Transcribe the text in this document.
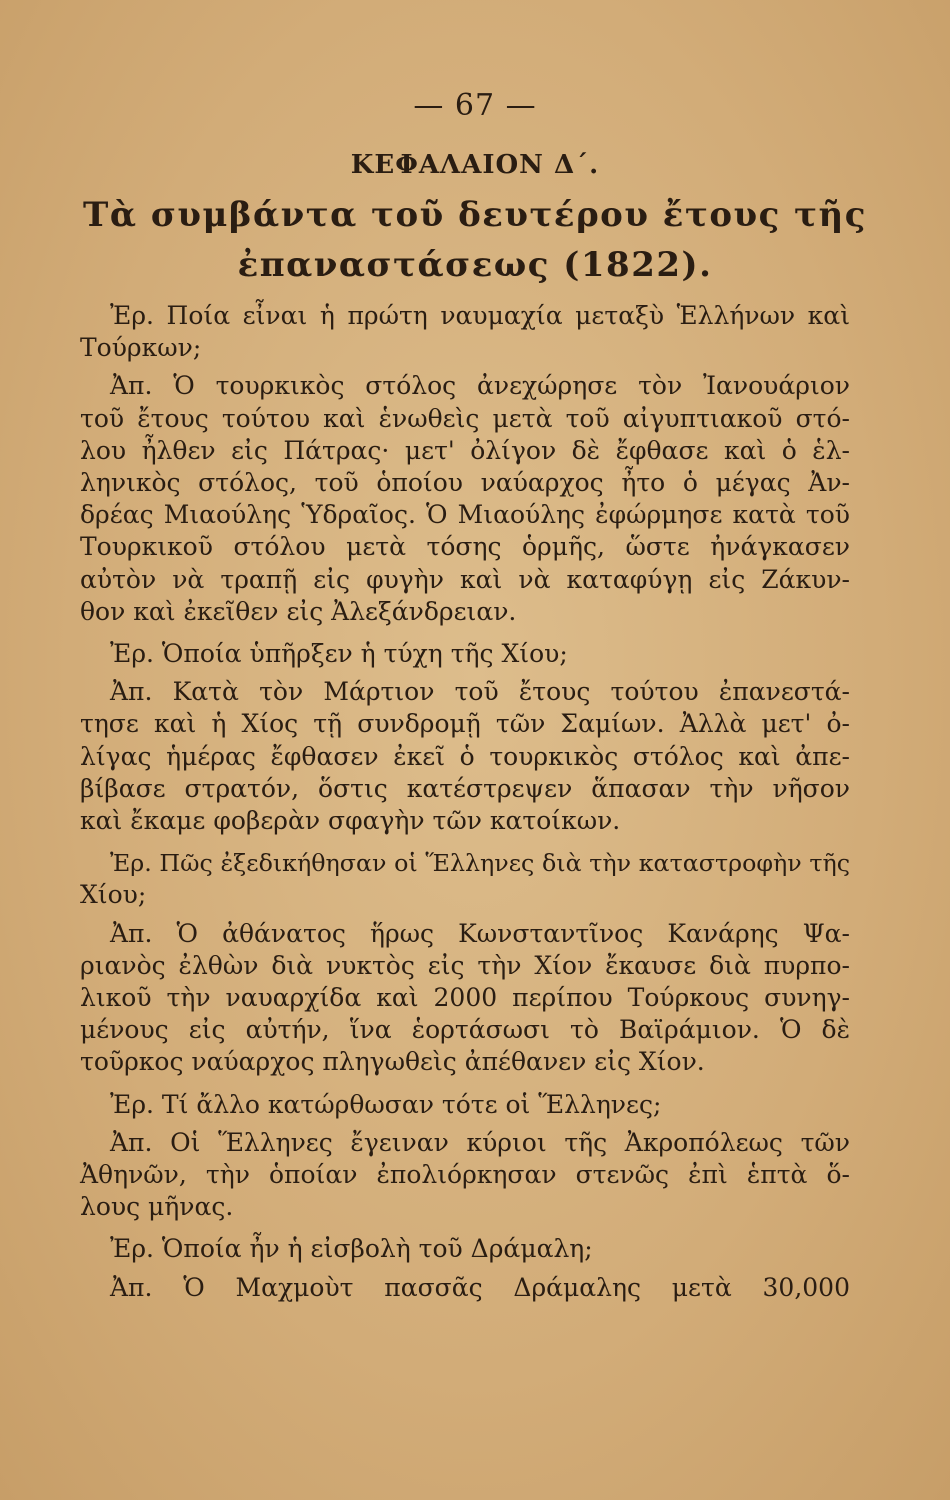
— 67 —
ΚΕΦΑΛΑΙΟΝ Δ΄.
Τὰ συμβάντα τοῦ δευτέρου ἔτους τῆς
ἐπαναστάσεως (1822).
Ἐρ. Ποία εἶναι ἡ πρώτη ναυμαχία μεταξὺ Ἑλλήνων καὶ
Τούρκων;
Ἀπ. Ὁ τουρκικὸς στόλος ἀνεχώρησε τὸν Ἰανουάριον
τοῦ ἔτους τούτου καὶ ἑνωθεὶς μετὰ τοῦ αἰγυπτιακοῦ στό-
λου ἦλθεν εἰς Πάτρας· μετ' ὀλίγον δὲ ἔφθασε καὶ ὁ ἑλ-
ληνικὸς στόλος, τοῦ ὁποίου ναύαρχος ἦτο ὁ μέγας Ἀν-
δρέας Μιαούλης Ὑδραῖος. Ὁ Μιαούλης ἐφώρμησε κατὰ τοῦ
Τουρκικοῦ στόλου μετὰ τόσης ὁρμῆς, ὥστε ἠνάγκασεν
αὐτὸν νὰ τραπῇ εἰς φυγὴν καὶ νὰ καταφύγῃ εἰς Ζάκυν-
θον καὶ ἐκεῖθεν εἰς Ἀλεξάνδρειαν.
Ἐρ. Ὁποία ὑπῆρξεν ἡ τύχη τῆς Χίου;
Ἀπ. Κατὰ τὸν Μάρτιον τοῦ ἔτους τούτου ἐπανεστά-
τησε καὶ ἡ Χίος τῇ συνδρομῇ τῶν Σαμίων. Ἀλλὰ μετ' ὀ-
λίγας ἡμέρας ἔφθασεν ἐκεῖ ὁ τουρκικὸς στόλος καὶ ἀπε-
βίβασε στρατόν, ὅστις κατέστρεψεν ἅπασαν τὴν νῆσον
καὶ ἔκαμε φοβερὰν σφαγὴν τῶν κατοίκων.
Ἐρ. Πῶς ἐξεδικήθησαν οἱ Ἕλληνες διὰ τὴν καταστροφὴν τῆς
Χίου;
Ἀπ. Ὁ ἀθάνατος ἥρως Κωνσταντῖνος Κανάρης Ψα-
ριανὸς ἐλθὼν διὰ νυκτὸς εἰς τὴν Χίον ἔκαυσε διὰ πυρπο-
λικοῦ τὴν ναυαρχίδα καὶ 2000 περίπου Τούρκους συνηγ-
μένους εἰς αὐτήν, ἵνα ἑορτάσωσι τὸ Βαϊράμιον. Ὁ δὲ
τοῦρκος ναύαρχος πληγωθεὶς ἀπέθανεν εἰς Χίον.
Ἐρ. Τί ἄλλο κατώρθωσαν τότε οἱ Ἕλληνες;
Ἀπ. Οἱ Ἕλληνες ἔγειναν κύριοι τῆς Ἀκροπόλεως τῶν
Ἀθηνῶν, τὴν ὁποίαν ἐπολιόρκησαν στενῶς ἐπὶ ἑπτὰ ὅ-
λους μῆνας.
Ἐρ. Ὁποία ἦν ἡ εἰσβολὴ τοῦ Δράμαλη;
Ἀπ. Ὁ Μαχμοὺτ πασσᾶς Δράμαλης μετὰ 30,000
